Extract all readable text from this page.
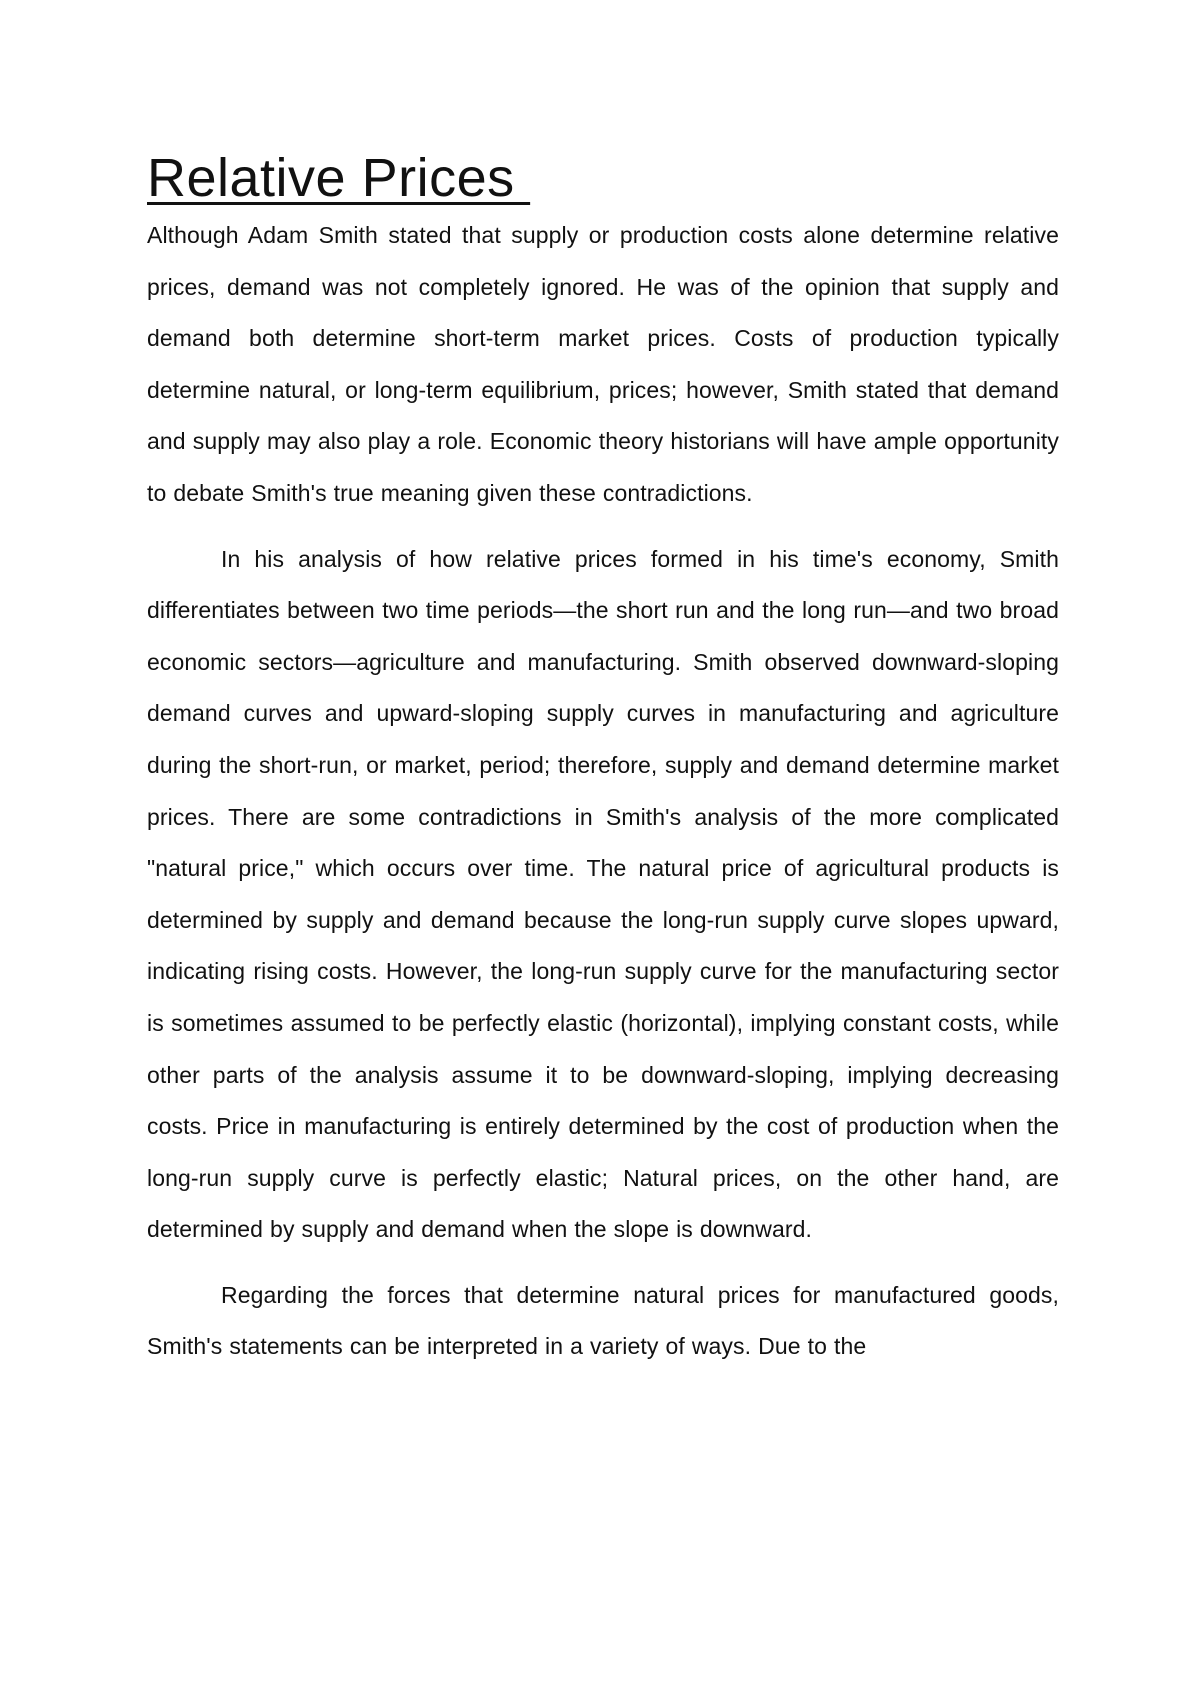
Relative Prices

Although Adam Smith stated that supply or production costs alone determine relative prices, demand was not completely ignored. He was of the opinion that supply and demand both determine short-term market prices. Costs of production typically determine natural, or long-term equilibrium, prices; however, Smith stated that demand and supply may also play a role. Economic theory historians will have ample opportunity to debate Smith's true meaning given these contradictions.

In his analysis of how relative prices formed in his time's economy, Smith differentiates between two time periods—the short run and the long run—and two broad economic sectors—agriculture and manufacturing. Smith observed downward-sloping demand curves and upward-sloping supply curves in manufacturing and agriculture during the short-run, or market, period; therefore, supply and demand determine market prices. There are some contradictions in Smith's analysis of the more complicated "natural price," which occurs over time. The natural price of agricultural products is determined by supply and demand because the long-run supply curve slopes upward, indicating rising costs. However, the long-run supply curve for the manufacturing sector is sometimes assumed to be perfectly elastic (horizontal), implying constant costs, while other parts of the analysis assume it to be downward-sloping, implying decreasing costs. Price in manufacturing is entirely determined by the cost of production when the long-run supply curve is perfectly elastic; Natural prices, on the other hand, are determined by supply and demand when the slope is downward.

Regarding the forces that determine natural prices for manufactured goods, Smith's statements can be interpreted in a variety of ways. Due to the
